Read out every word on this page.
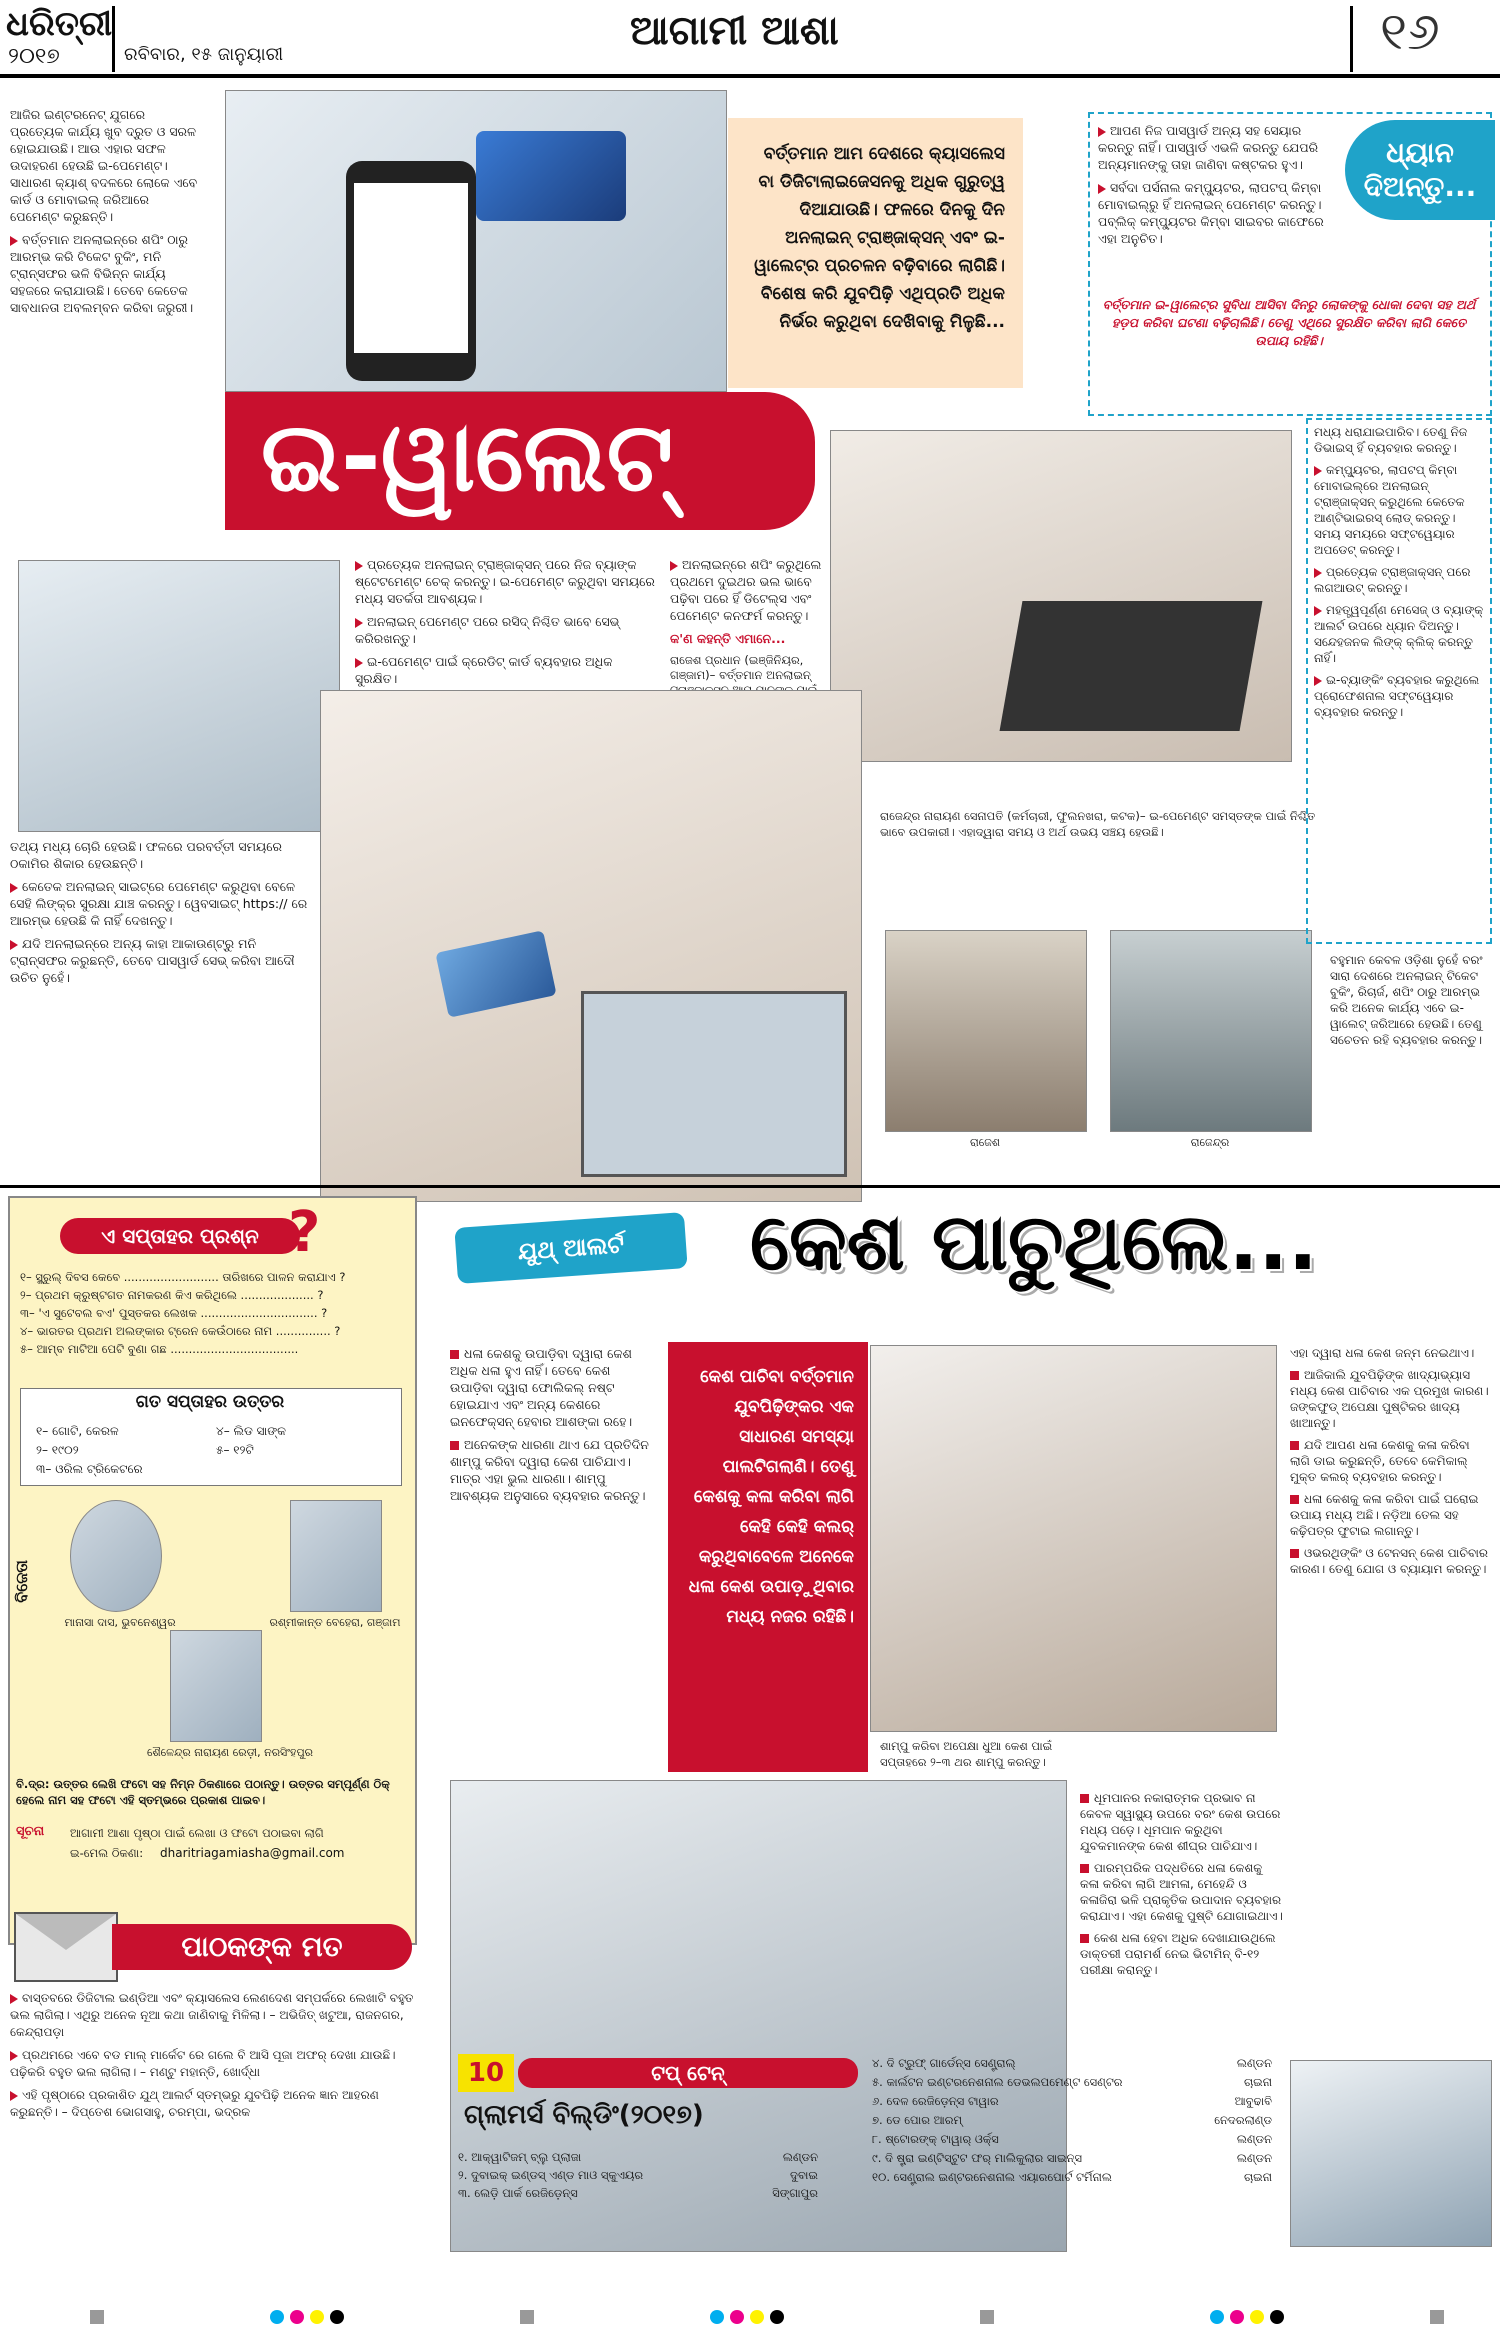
ଧରିତ୍ରୀ
୨୦୧୭	ରବିବାର, ୧୫ ଜାନୁୟାରୀ
ଆଗାମୀ ଆଶା	୧୬
ବର୍ତ୍ତମାନ ଆମ ଦେଶରେ କ୍ୟାସଲେସ ବା ଡିଜିଟାଲାଇଜେସନକୁ ଅଧିକ ଗୁରୁତ୍ୱ ଦିଆଯାଉଛି। ଫଳରେ ଦିନକୁ ଦିନ ଅନଲାଇନ୍ ଟ୍ରାଞ୍ଜାକ୍ସନ୍ ଏବଂ ଇ-ୱାଲେଟ୍‌ର ପ୍ରଚଳନ ବଢ଼ିବାରେ ଲାଗିଛି। ବିଶେଷ କରି ଯୁବପିଢ଼ି ଏଥିପ୍ରତି ଅଧିକ ନିର୍ଭର କରୁଥିବା ଦେଖିବାକୁ ମିଳୁଛି...

ଆଜିର ଇଣ୍ଟରନେଟ୍ ଯୁଗରେ ପ୍ରତ୍ୟେକ କାର୍ଯ୍ୟ ଖୁବ ଦ୍ରୁତ ଓ ସରଳ ହୋଇଯାଉଛି। ଆଉ ଏହାର ସଫଳ ଉଦାହରଣ ହେଉଛି ଇ-ପେମେଣ୍ଟ। ସାଧାରଣ କ୍ୟାଶ୍ ବଦଳରେ ଲୋକେ ଏବେ କାର୍ଡ ଓ ମୋବାଇଲ୍ ଜରିଆରେ ପେମେଣ୍ଟ କରୁଛନ୍ତି।

ବର୍ତ୍ତମାନ ଅନଲାଇନ୍‌ରେ ଶପିଂ ଠାରୁ ଆରମ୍ଭ କରି ଟିକେଟ ବୁକିଂ, ମନି ଟ୍ରାନ୍ସଫର ଭଳି ବିଭିନ୍ନ କାର୍ଯ୍ୟ ସହଜରେ କରାଯାଉଛି। ତେବେ କେତେକ ସାବଧାନତା ଅବଲମ୍ବନ କରିବା ଜରୁରୀ।

ଇ-ୱାଲେଟ୍

ପ୍ରତ୍ୟେକ ଅନଲାଇନ୍ ଟ୍ରାଞ୍ଜାକ୍ସନ୍ ପରେ ନିଜ ବ୍ୟାଙ୍କ ଷ୍ଟେଟମେଣ୍ଟ ଚେକ୍ କରନ୍ତୁ। ଇ-ପେମେଣ୍ଟ କରୁଥିବା ସମୟରେ ମଧ୍ୟ ସତର୍କତା ଆବଶ୍ୟକ।

ଅନଲାଇନ୍ ପେମେଣ୍ଟ ପରେ ରସିଦ୍ ନିଶ୍ଚିତ ଭାବେ ସେଭ୍ କରିରଖନ୍ତୁ।

ଇ-ପେମେଣ୍ଟ ପାଇଁ କ୍ରେଡିଟ୍ କାର୍ଡ ବ୍ୟବହାର ଅଧିକ ସୁରକ୍ଷିତ।

ଅନଲାଇନ୍‌ରେ ଶପିଂ କରୁଥିଲେ ପ୍ରଥମେ ଦୁଇଥର ଭଲ ଭାବେ ପଢ଼ିବା ପରେ ହିଁ ଡିଟେଲ୍ସ ଏବଂ ପେମେଣ୍ଟ କନଫର୍ମ କରନ୍ତୁ।

କ'ଣ କହନ୍ତି ଏମାନେ...

ରାଜେଶ ପ୍ରଧାନ (ଇଞ୍ଜିନିୟର, ଗଞ୍ଜାମ)– ବର୍ତ୍ତମାନ ଅନଲାଇନ୍

ତଥ୍ୟ ମଧ୍ୟ ଚୋରି ହେଉଛି। ଫଳରେ ପରବର୍ତ୍ତୀ ସମୟରେ ଠକାମିର ଶିକାର ହେଉଛନ୍ତି।

କେତେକ ଅନଲାଇନ୍ ସାଇଟ୍‌ରେ ପେମେଣ୍ଟ କରୁଥିବା ବେଳେ ସେହି ଲିଙ୍କ୍‌ର ସୁରକ୍ଷା ଯାଞ୍ଚ କରନ୍ତୁ। ୱେବସାଇଟ୍ https:// ରେ ଆରମ୍ଭ ହେଉଛି କି ନାହିଁ ଦେଖନ୍ତୁ।

ଯଦି ଅନଲାଇନ୍‌ରେ ଅନ୍ୟ କାହା ଆକାଉଣ୍ଟ୍‌ରୁ ମନି ଟ୍ରାନ୍ସଫର କରୁଛନ୍ତି, ତେବେ ପାସୱାର୍ଡ ସେଭ୍ କରିବା ଆଦୌ ଉଚିତ ନୁହେଁ।

ରାଜେନ୍ଦ୍ର ନାରାୟଣ ସେନାପତି (କର୍ମଚାରୀ, ଫୁଲନଖରା, କଟକ)– ଇ-ପେମେଣ୍ଟ ସମସ୍ତଙ୍କ ପାଇଁ ନିଶ୍ଚିତ ଭାବେ ଉପକାରୀ। ଏହାଦ୍ୱାରା ସମୟ ଓ ଅର୍ଥ ଉଭୟ ସଞ୍ଚୟ ହେଉଛି।
ରାଜେଶ	ରାଜେନ୍ଦ୍ର

ଆପଣ ନିଜ ପାସୱାର୍ଡ ଅନ୍ୟ ସହ ସେୟାର କରନ୍ତୁ ନାହିଁ। ପାସୱାର୍ଡ ଏଭଳି କରନ୍ତୁ ଯେପରି ଅନ୍ୟମାନଙ୍କୁ ତାହା ଜାଣିବା କଷ୍ଟକର ହୁଏ।

ସର୍ବଦା ପର୍ସନାଲ କମ୍ପ୍ୟୁଟର, ଲାପଟପ୍ କିମ୍ବା ମୋବାଇଲ୍‌ରୁ ହିଁ ଅନଲାଇନ୍ ପେମେଣ୍ଟ କରନ୍ତୁ। ପବ୍ଲିକ୍ କମ୍ପ୍ୟୁଟର କିମ୍ବା ସାଇବର କାଫେରେ ଏହା ଅନୁଚିତ।

ଧ୍ୟାନ ଦିଅନ୍ତୁ...
ବର୍ତ୍ତମାନ ଇ-ୱାଲେଟ୍‌ର ସୁବିଧା ଆସିବା ଦିନରୁ ଲୋକଙ୍କୁ ଧୋକା ଦେବା ସହ ଅର୍ଥ ହଡ଼ପ କରିବା ଘଟଣା ବଢ଼ିଚାଲିଛି। ତେଣୁ ଏଥିରେ ସୁରକ୍ଷିତ କରିବା ଲାଗି କେତେ ଉପାୟ ରହିଛି।

ମଧ୍ୟ ଧରାଯାଇପାରିବ। ତେଣୁ ନିଜ ଡିଭାଇସ୍ ହିଁ ବ୍ୟବହାର କରନ୍ତୁ।

କମ୍ପ୍ୟୁଟର, ଲାପଟପ୍ କିମ୍ବା ମୋବାଇଲ୍‌ରେ ଅନଲାଇନ୍ ଟ୍ରାଞ୍ଜାକ୍ସନ୍ କରୁଥିଲେ କେତେକ ଆଣ୍ଟିଭାଇରସ୍ ଲୋଡ୍ କରନ୍ତୁ। ସମୟ ସମୟରେ ସଫ୍ଟୱେୟାର ଅପଡେଟ୍ କରନ୍ତୁ।

ପ୍ରତ୍ୟେକ ଟ୍ରାଞ୍ଜାକ୍ସନ୍ ପରେ ଲଗଆଉଟ୍ କରନ୍ତୁ।

ମହତ୍ତ୍ୱପୂର୍ଣ୍ଣ ମେସେଜ୍ ଓ ବ୍ୟାଙ୍କ୍ ଆଲର୍ଟ ଉପରେ ଧ୍ୟାନ ଦିଅନ୍ତୁ। ସନ୍ଦେହଜନକ ଲିଙ୍କ୍ କ୍ଲିକ୍ କରନ୍ତୁ ନାହିଁ।

ଇ-ବ୍ୟାଙ୍କିଂ ବ୍ୟବହାର କରୁଥିଲେ ପ୍ରୋଫେଶନାଲ ସଫ୍ଟୱେୟାର ବ୍ୟବହାର କରନ୍ତୁ।

ବହୁମାନ କେବଳ ଓଡ଼ିଶା ନୁହେଁ ବରଂ ସାରା ଦେଶରେ ଅନଲାଇନ୍ ଟିକେଟ ବୁକିଂ, ରିଚାର୍ଜ, ଶପିଂ ଠାରୁ ଆରମ୍ଭ କରି ଅନେକ କାର୍ଯ୍ୟ ଏବେ ଇ-ୱାଲେଟ୍ ଜରିଆରେ ହେଉଛି। ତେଣୁ ସଚେତନ ରହି ବ୍ୟବହାର କରନ୍ତୁ।
ଏ ସପ୍ତାହର ପ୍ରଶ୍ନ ?
୧– ସ୍କ୍ରୁଲ୍ ଦିବସ କେବେ .......................... ତାରିଖରେ ପାଳନ କରାଯାଏ ?
୨– ପ୍ରଥମ କ୍ରୁଷ୍ଟଗତ ନାମକରଣ କିଏ କରିଥିଲେ .................... ?
୩– 'ଏ ସୁଟେବଲ ବଏ' ପୁସ୍ତକର ଲେଖକ ................................ ?
୪– ଭାରତର ପ୍ରଥମ ଅଲଙ୍କାର ଟ୍ରେନ କେଉଁଠାରେ ନାମ ............... ?
୫– ଆମ୍ବ ମାଟିଆ ପେଟି ବୁଣା ଗଛ ...................................
ଗତ ସପ୍ତାହର ଉତ୍ତର
୧– ଗୋଟି, କେରଳ	୪– ଲିଡ ସାଙ୍କ
୨– ୧୯୦୨	୫– ୧୨ଟି
୩– ଓରିଲ ଟ୍ରିକେଟରେ
ବିଜେତା
ମାନାସା ଦାସ, ଭୁବନେଶ୍ୱର	ରଶ୍ମୀକାନ୍ତ ବେହେରା, ଗଞ୍ଜାମ
ଶୈଳେନ୍ଦ୍ର ନାରାୟଣ ରେଡ଼ୀ, ନରସିଂହପୁର
ବି.ଦ୍ର: ଉତ୍ତର ଲେଖି ଫଟୋ ସହ ନିମ୍ନ ଠିକଣାରେ ପଠାନ୍ତୁ। ଉତ୍ତର ସମ୍ପୂର୍ଣ୍ଣ ଠିକ୍ ହେଲେ ନାମ ସହ ଫଟୋ ଏହି ସ୍ତମ୍ଭରେ ପ୍ରକାଶ ପାଇବ।
ସୂଚନା ଆଗାମୀ ଆଶା ପୃଷ୍ଠା ପାଇଁ ଲେଖା ଓ ଫଟୋ ପଠାଇବା ଲାଗି
ଇ-ମେଲ ଠିକଣା: dharitriagamiasha@gmail.com
ପାଠକଙ୍କ ମତ

ବାସ୍ତବରେ ଡିଜିଟାଲ ଇଣ୍ଡିଆ ଏବଂ କ୍ୟାସଲେସ ଲେଣଦେଣ ସମ୍ପର୍କରେ ଲେଖାଟି ବହୁତ ଭଲ ଲାଗିଲା। ଏଥିରୁ ଅନେକ ନୂଆ କଥା ଜାଣିବାକୁ ମିଳିଲା। – ଅଭିଜିତ୍ ଖଟୁଆ, ରାଜନଗର, କେନ୍ଦ୍ରାପଡ଼ା

ପ୍ରଥମରେ ଏବେ ବଡ ମାଲ୍ ମାର୍କେଟ ରେ ଗଲେ ବି ଆସି ପୂଜା ଅଫର୍ ଦେଖା ଯାଉଛି। ପଢ଼ିକରି ବହୁତ ଭଲ ଲାଗିଲା। – ମଣ୍ଟୁ ମହାନ୍ତି, ଖୋର୍ଦ୍ଧା

ଏହି ପୃଷ୍ଠାରେ ପ୍ରକାଶିତ ଯୁଥ୍ ଆଲର୍ଟ ସ୍ତମ୍ଭରୁ ଯୁବପିଢ଼ି ଅନେକ ଜ୍ଞାନ ଆହରଣ କରୁଛନ୍ତି। – ଦିପ୍ତେଶ ଭୋଗସାହୁ, ଚରମ୍ପା, ଭଦ୍ରକ

ଯୁଥ୍ ଆଲର୍ଟ	କେଶ ପାଚୁଥିଲେ...

ଧଳା କେଶକୁ ଉପାଡ଼ିବା ଦ୍ୱାରା କେଶ ଅଧିକ ଧଳା ହୁଏ ନାହିଁ। ତେବେ କେଶ ଉପାଡ଼ିବା ଦ୍ୱାରା ଫୋଲିକଲ୍ ନଷ୍ଟ ହୋଇଯାଏ ଏବଂ ଅନ୍ୟ କେଶରେ ଇନଫେକ୍ସନ୍ ହେବାର ଆଶଙ୍କା ରହେ।

ଅନେକଙ୍କ ଧାରଣା ଥାଏ ଯେ ପ୍ରତିଦିନ ଶାମ୍ପୁ କରିବା ଦ୍ୱାରା କେଶ ପାଚିଯାଏ। ମାତ୍ର ଏହା ଭୁଲ ଧାରଣା। ଶାମ୍ପୁ ଆବଶ୍ୟକ ଅନୁସାରେ ବ୍ୟବହାର କରନ୍ତୁ।

କେଶ ପାଚିବା ବର୍ତ୍ତମାନ ଯୁବପିଢ଼ିଙ୍କର ଏକ ସାଧାରଣ ସମସ୍ୟା ପାଲଟିଗଲାଣି। ତେଣୁ କେଶକୁ କଳା କରିବା ଲାଗି କେହି କେହି କଲର୍ କରୁଥିବାବେଳେ ଅନେକେ ଧଳା କେଶ ଉପାଡ଼ୁଥିବାର ମଧ୍ୟ ନଜର ରହିଛି।
ଶାମ୍ପୁ କରିବା ଅପେକ୍ଷା ଧୁଆ କେଶ ପାଇଁ ସପ୍ତାହରେ ୨–୩ ଥର ଶାମ୍ପୁ କରନ୍ତୁ।

ଏହା ଦ୍ୱାରା ଧଳା କେଶ ଜନ୍ମ ନେଇଥାଏ।

ଆଜିକାଲି ଯୁବପିଢ଼ିଙ୍କ ଖାଦ୍ୟାଭ୍ୟାସ ମଧ୍ୟ କେଶ ପାଚିବାର ଏକ ପ୍ରମୁଖ କାରଣ। ଜଙ୍କଫୁଡ୍ ଅପେକ୍ଷା ପୁଷ୍ଟିକର ଖାଦ୍ୟ ଖାଆନ୍ତୁ।

ଯଦି ଆପଣ ଧଳା କେଶକୁ କଳା କରିବା ଲାଗି ଡାଇ କରୁଛନ୍ତି, ତେବେ କେମିକାଲ୍ ମୁକ୍ତ କଲର୍ ବ୍ୟବହାର କରନ୍ତୁ।

ଧଳା କେଶକୁ କଳା କରିବା ପାଇଁ ଘରୋଇ ଉପାୟ ମଧ୍ୟ ଅଛି। ନଡ଼ିଆ ତେଲ ସହ କଢ଼ିପତ୍ର ଫୁଟାଇ ଲଗାନ୍ତୁ।

ଓଭରଥିଙ୍କିଂ ଓ ଟେନସନ୍ କେଶ ପାଚିବାର କାରଣ। ତେଣୁ ଯୋଗ ଓ ବ୍ୟାୟାମ କରନ୍ତୁ।

ଧୂମପାନର ନକାରାତ୍ମକ ପ୍ରଭାବ ନା କେବଳ ସ୍ୱାସ୍ଥ୍ୟ ଉପରେ ବରଂ କେଶ ଉପରେ ମଧ୍ୟ ପଡ଼େ। ଧୂମପାନ କରୁଥିବା ଯୁବକମାନଙ୍କ କେଶ ଶୀଘ୍ର ପାଚିଯାଏ।

ପାରମ୍ପରିକ ପଦ୍ଧତିରେ ଧଳା କେଶକୁ କଳା କରିବା ଲାଗି ଆମଳା, ମେହେନ୍ଦି ଓ କଳାଜିରା ଭଳି ପ୍ରାକୃତିକ ଉପାଦାନ ବ୍ୟବହାର କରାଯାଏ। ଏହା କେଶକୁ ପୁଷ୍ଟି ଯୋଗାଇଥାଏ।

କେଶ ଧଳା ହେବା ଅଧିକ ଦେଖାଯାଉଥିଲେ ଡାକ୍ତରୀ ପରାମର୍ଶ ନେଇ ଭିଟାମିନ୍ ବି-୧୨ ପରୀକ୍ଷା କରାନ୍ତୁ।

10	ଟପ୍ ଟେନ୍
ଗ୍ଲାମର୍ସ ବିଲ୍ଡିଂ(୨୦୧୭)
୧. ଆକ୍ୱାଟିଜମ୍ ବ୍ଲୁ ପ୍ଲାଜା	ଲଣ୍ଡନ
୨. ଦୁବାଇକ୍ ଇଣ୍ଡସ୍ ଏଣ୍ଡ ମାଓ ସ୍କୁଏୟର	ଦୁବାଇ
୩. ଲେଡ଼ି ପାର୍କ ରେଜିଡ଼େନ୍ସ	ସିଙ୍ଗାପୁର
୪. ଦି ଟ୍ରୁଫ୍ ଗାର୍ଡେନ୍ସ ସେଣ୍ଟ୍ରାଲ୍	ଲଣ୍ଡନ
୫. କାର୍ଲଟନ ଇଣ୍ଟରନେଶନାଲ ଡେଭଲପମେଣ୍ଟ ସେଣ୍ଟର	ଚାଇନା
୬. ଦେଳ ରେଜିଡ଼େନ୍ସ ଟାୱାର	ଆବୁଢାବି
୭. ଡେ ପୋର ଆରମ୍	ନେଦରଲାଣ୍ଡ
୮. ଷ୍ଟୋରଙ୍କ୍ ଟାୱାର୍ ଓର୍କ୍ସ	ଲଣ୍ଡନ
୯. ଦି ଷ୍ଟ୍ରା ଇଣ୍ଟିସ୍ଟୁଟ ଫର୍ ମାଲିକୁଲାର ସାଇନ୍ସ	ଲଣ୍ଡନ
୧୦. ସେଣ୍ଟ୍ରାଲ ଇଣ୍ଟରନେଶନାଲ ଏୟାରପୋର୍ଟ ଟର୍ମିନାଲ	ଚାଇନା
